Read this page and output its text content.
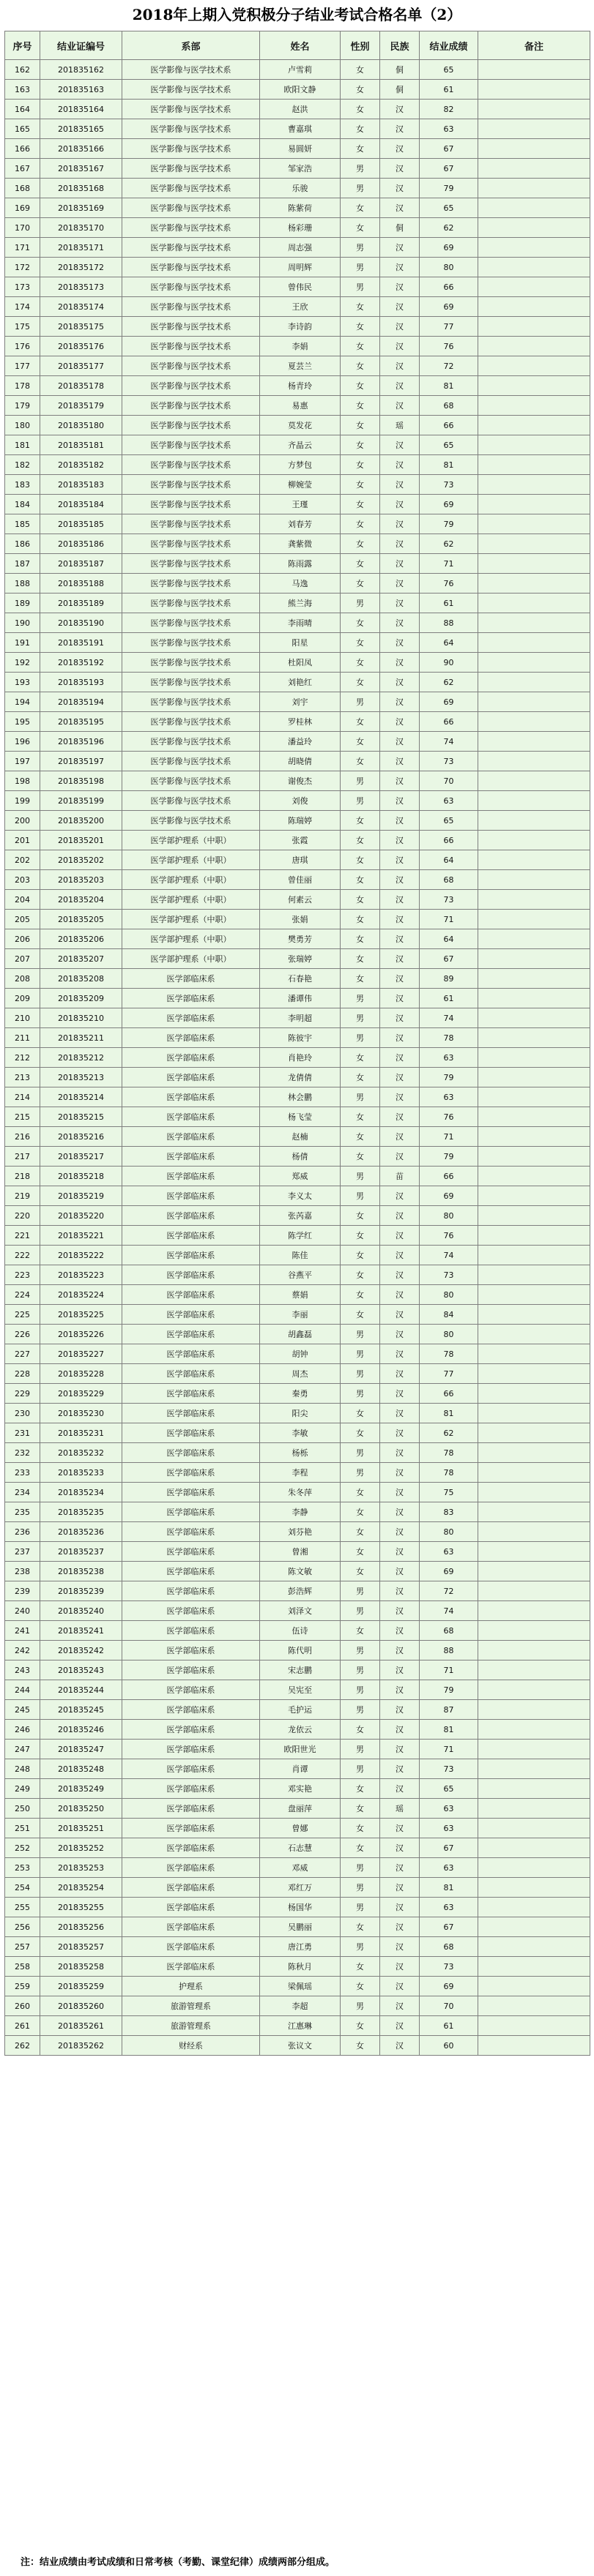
2018年上期入党积极分子结业考试合格名单（2）
序号	结业证编号	系部	姓名	性别	民族	结业成绩	备注
162	201835162	医学影像与医学技术系	卢雪莉	女	侗	65	
163	201835163	医学影像与医学技术系	欧阳文静	女	侗	61	
164	201835164	医学影像与医学技术系	赵洪	女	汉	82	
165	201835165	医学影像与医学技术系	曹嘉琪	女	汉	63	
166	201835166	医学影像与医学技术系	易圆妍	女	汉	67	
167	201835167	医学影像与医学技术系	邹家浩	男	汉	67	
168	201835168	医学影像与医学技术系	乐骏	男	汉	79	
169	201835169	医学影像与医学技术系	陈紫荷	女	汉	65	
170	201835170	医学影像与医学技术系	杨彩珊	女	侗	62	
171	201835171	医学影像与医学技术系	周志强	男	汉	69	
172	201835172	医学影像与医学技术系	周明辉	男	汉	80	
173	201835173	医学影像与医学技术系	曾伟民	男	汉	66	
174	201835174	医学影像与医学技术系	王欣	女	汉	69	
175	201835175	医学影像与医学技术系	李诗韵	女	汉	77	
176	201835176	医学影像与医学技术系	李娟	女	汉	76	
177	201835177	医学影像与医学技术系	夏芸兰	女	汉	72	
178	201835178	医学影像与医学技术系	杨青玲	女	汉	81	
179	201835179	医学影像与医学技术系	易惠	女	汉	68	
180	201835180	医学影像与医学技术系	莫发花	女	瑶	66	
181	201835181	医学影像与医学技术系	齐晶云	女	汉	65	
182	201835182	医学影像与医学技术系	方梦包	女	汉	81	
183	201835183	医学影像与医学技术系	柳婉莹	女	汉	73	
184	201835184	医学影像与医学技术系	王瑾	女	汉	69	
185	201835185	医学影像与医学技术系	刘春芳	女	汉	79	
186	201835186	医学影像与医学技术系	龚紫微	女	汉	62	
187	201835187	医学影像与医学技术系	陈雨露	女	汉	71	
188	201835188	医学影像与医学技术系	马逸	女	汉	76	
189	201835189	医学影像与医学技术系	熊兰海	男	汉	61	
190	201835190	医学影像与医学技术系	李雨晴	女	汉	88	
191	201835191	医学影像与医学技术系	阳星	女	汉	64	
192	201835192	医学影像与医学技术系	杜阳凤	女	汉	90	
193	201835193	医学影像与医学技术系	刘艳红	女	汉	62	
194	201835194	医学影像与医学技术系	刘宇	男	汉	69	
195	201835195	医学影像与医学技术系	罗桂林	女	汉	66	
196	201835196	医学影像与医学技术系	潘益玲	女	汉	74	
197	201835197	医学影像与医学技术系	胡晓倩	女	汉	73	
198	201835198	医学影像与医学技术系	谢俊杰	男	汉	70	
199	201835199	医学影像与医学技术系	刘俊	男	汉	63	
200	201835200	医学影像与医学技术系	陈瑞婷	女	汉	65	
201	201835201	医学部护理系（中职）	张霞	女	汉	66	
202	201835202	医学部护理系（中职）	唐琪	女	汉	64	
203	201835203	医学部护理系（中职）	曾佳丽	女	汉	68	
204	201835204	医学部护理系（中职）	何素云	女	汉	73	
205	201835205	医学部护理系（中职）	张娟	女	汉	71	
206	201835206	医学部护理系（中职）	樊勇芳	女	汉	64	
207	201835207	医学部护理系（中职）	张瑞婷	女	汉	67	
208	201835208	医学部临床系	石春艳	女	汉	89	
209	201835209	医学部临床系	潘谭伟	男	汉	61	
210	201835210	医学部临床系	李明超	男	汉	74	
211	201835211	医学部临床系	陈彼宇	男	汉	78	
212	201835212	医学部临床系	肖艳玲	女	汉	63	
213	201835213	医学部临床系	龙倩倩	女	汉	79	
214	201835214	医学部临床系	林会鹏	男	汉	63	
215	201835215	医学部临床系	杨飞莹	女	汉	76	
216	201835216	医学部临床系	赵楠	女	汉	71	
217	201835217	医学部临床系	杨倩	女	汉	79	
218	201835218	医学部临床系	郑威	男	苗	66	
219	201835219	医学部临床系	李义太	男	汉	69	
220	201835220	医学部临床系	张芮嘉	女	汉	80	
221	201835221	医学部临床系	陈学红	女	汉	76	
222	201835222	医学部临床系	陈佳	女	汉	74	
223	201835223	医学部临床系	谷燕平	女	汉	73	
224	201835224	医学部临床系	蔡娟	女	汉	80	
225	201835225	医学部临床系	李丽	女	汉	84	
226	201835226	医学部临床系	胡鑫磊	男	汉	80	
227	201835227	医学部临床系	胡钟	男	汉	78	
228	201835228	医学部临床系	周杰	男	汉	77	
229	201835229	医学部临床系	秦勇	男	汉	66	
230	201835230	医学部临床系	阳尖	女	汉	81	
231	201835231	医学部临床系	李敏	女	汉	62	
232	201835232	医学部临床系	杨栎	男	汉	78	
233	201835233	医学部临床系	李程	男	汉	78	
234	201835234	医学部临床系	朱冬萍	女	汉	75	
235	201835235	医学部临床系	李静	女	汉	83	
236	201835236	医学部临床系	刘芬艳	女	汉	80	
237	201835237	医学部临床系	曾湘	女	汉	63	
238	201835238	医学部临床系	陈文敏	女	汉	69	
239	201835239	医学部临床系	彭浩辉	男	汉	72	
240	201835240	医学部临床系	刘泽文	男	汉	74	
241	201835241	医学部临床系	伍诗	女	汉	68	
242	201835242	医学部临床系	陈代明	男	汉	88	
243	201835243	医学部临床系	宋志鹏	男	汉	71	
244	201835244	医学部临床系	吴宪至	男	汉	79	
245	201835245	医学部临床系	毛护运	男	汉	87	
246	201835246	医学部临床系	龙依云	女	汉	81	
247	201835247	医学部临床系	欧阳世光	男	汉	71	
248	201835248	医学部临床系	肖谭	男	汉	73	
249	201835249	医学部临床系	邓实艳	女	汉	65	
250	201835250	医学部临床系	盘丽萍	女	瑶	63	
251	201835251	医学部临床系	曾娜	女	汉	63	
252	201835252	医学部临床系	石志慧	女	汉	67	
253	201835253	医学部临床系	邓威	男	汉	63	
254	201835254	医学部临床系	邓红万	男	汉	81	
255	201835255	医学部临床系	杨国华	男	汉	63	
256	201835256	医学部临床系	吴鹏丽	女	汉	67	
257	201835257	医学部临床系	唐江勇	男	汉	68	
258	201835258	医学部临床系	陈秋月	女	汉	73	
259	201835259	护理系	梁佩瑶	女	汉	69	
260	201835260	旅游管理系	李超	男	汉	70	
261	201835261	旅游管理系	江惠琳	女	汉	61	
262	201835262	财经系	张议文	女	汉	60	
注：结业成绩由考试成绩和日常考核（考勤、课堂纪律）成绩两部分组成。
